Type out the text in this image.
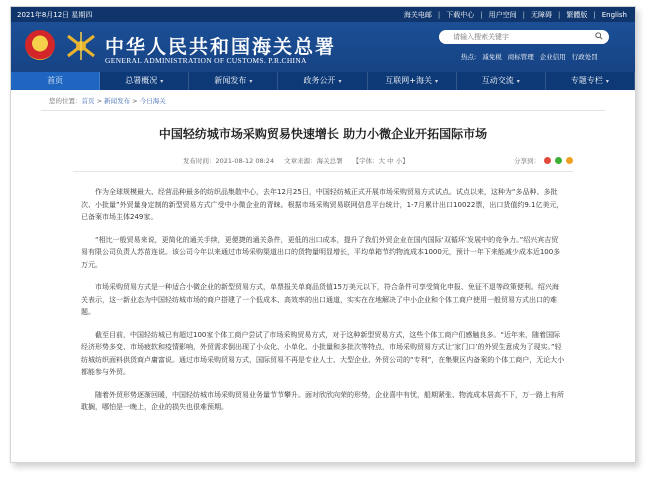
2021年8月12日 星期四	海关电邮 | 下载中心 | 用户空间 | 无障碍 | 繁體版 | English
中华人民共和国海关总署
GENERAL ADMINISTRATION OF CUSTOMS. P.R.CHINA
请输入搜索关键字	热点: 减免税 商标管理 企业信用 行政处罚
首页	总署概况 ▾	新闻发布 ▾	政务公开 ▾	互联网+海关 ▾	互动交流 ▾	专题专栏 ▾
您的位置：首页 > 新闻发布 > 今日海关
中国轻纺城市场采购贸易快速增长 助力小微企业开拓国际市场
发布时间：2021-08-12 08:24 文章来源：海关总署 【字体：大 中 小】	分享到：

作为全球规模最大、经营品种最多的纺织品集散中心，去年12月25日，中国轻纺城正式开展市场采购贸易方式试点。试点以来，这种为“多品种、多批次、小批量”外贸量身定制的新型贸易方式广受中小微企业的青睐。根据市场采购贸易联网信息平台统计，1-7月累计出口10022票，出口货值约9.1亿美元，已备案市场主体249家。

“相比一般贸易来说，更简化的通关手续，更便捷的通关条件，更低的出口成本，提升了我们外贸企业在国内国际‘双循环’发展中的竞争力。”绍兴宾吉贸易有限公司负责人苏苗连说。该公司今年以来通过市场采购渠道出口的货物量明显增长，平均单箱节约物流成本1000元，预计一年下来能减少成本近100多万元。

市场采购贸易方式是一种适合小微企业的新型贸易方式，单票报关单商品货值15万美元以下，符合条件可享受简化申报、免征不退等政策便利。绍兴海关表示，这一新业态为中国轻纺城市场的商户搭建了一个低成本、高效率的出口通道，实实在在地解决了中小企业和个体工商户使用一般贸易方式出口的难题。

截至目前，中国轻纺城已有超过100家个体工商户尝试了市场采购贸易方式，对于这种新型贸易方式，这些个体工商户们感触良多。“近年来，随着国际经济形势多变、市场疲软和疫情影响，外贸需求倒出现了小众化、小单化、小批量和多批次等特点，市场采购贸易方式让‘家门口’的外贸生意成为了现实。”轻纺城纺织面料供货商卢庸富说。通过市场采购贸易方式，国际贸易不再是专业人士、大型企业、外贸公司的“专利”，在集聚区内备案的个体工商户，无论大小都能参与外贸。

随着外贸形势逐渐回暖，中国轻纺城市场采购贸易业务量节节攀升。面对欣欣向荣的形势，企业喜中有忧，船期紧张、物流成本居高不下，万一路上有所耽搁，哪怕是一晚上，企业的损失也很难预期。
